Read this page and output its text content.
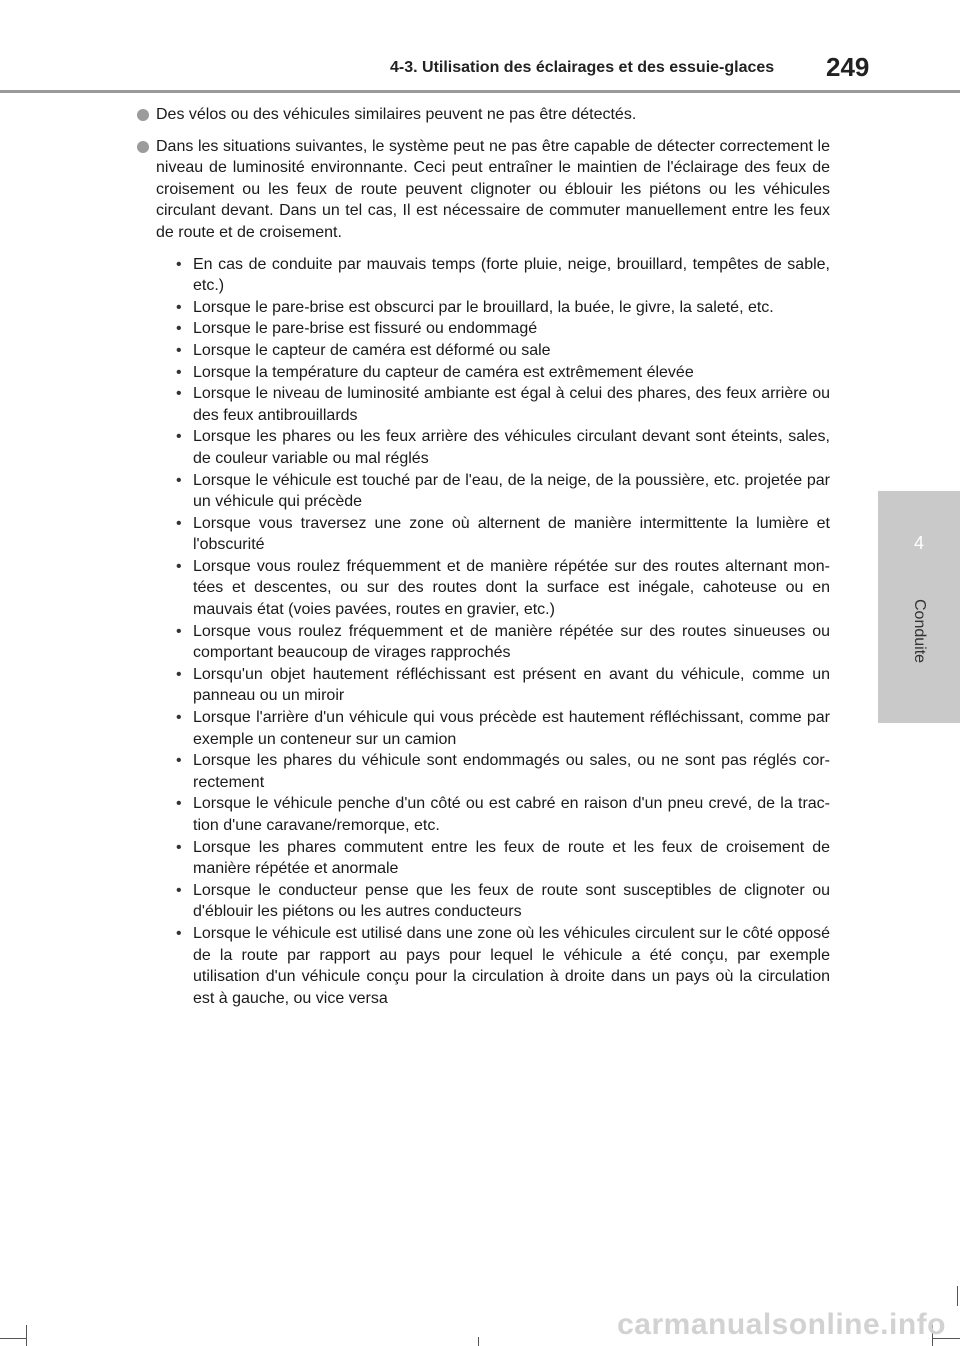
4-3. Utilisation des éclairages et des essuie-glaces 249
4
Conduite
Des vélos ou des véhicules similaires peuvent ne pas être détectés.
Dans les situations suivantes, le système peut ne pas être capable de détecter correctement le niveau de luminosité environnante. Ceci peut entraîner le maintien de l'éclairage des feux de croisement ou les feux de route peuvent clignoter ou éblouir les piétons ou les véhicules circulant devant. Dans un tel cas, Il est nécessaire de commuter manuellement entre les feux de route et de croisement.
• En cas de conduite par mauvais temps (forte pluie, neige, brouillard, tempêtes de sable, etc.)
• Lorsque le pare-brise est obscurci par le brouillard, la buée, le givre, la saleté, etc.
• Lorsque le pare-brise est fissuré ou endommagé
• Lorsque le capteur de caméra est déformé ou sale
• Lorsque la température du capteur de caméra est extrêmement élevée
• Lorsque le niveau de luminosité ambiante est égal à celui des phares, des feux arrière ou des feux antibrouillards
• Lorsque les phares ou les feux arrière des véhicules circulant devant sont éteints, sales, de couleur variable ou mal réglés
• Lorsque le véhicule est touché par de l'eau, de la neige, de la poussière, etc. projetée par un véhicule qui précède
• Lorsque vous traversez une zone où alternent de manière intermittente la lumière et l'obscurité
• Lorsque vous roulez fréquemment et de manière répétée sur des routes alternant mon-tées et descentes, ou sur des routes dont la surface est inégale, cahoteuse ou en mauvais état (voies pavées, routes en gravier, etc.)
• Lorsque vous roulez fréquemment et de manière répétée sur des routes sinueuses ou comportant beaucoup de virages rapprochés
• Lorsqu'un objet hautement réfléchissant est présent en avant du véhicule, comme un panneau ou un miroir
• Lorsque l'arrière d'un véhicule qui vous précède est hautement réfléchissant, comme par exemple un conteneur sur un camion
• Lorsque les phares du véhicule sont endommagés ou sales, ou ne sont pas réglés cor-rectement
• Lorsque le véhicule penche d'un côté ou est cabré en raison d'un pneu crevé, de la trac-tion d'une caravane/remorque, etc.
• Lorsque les phares commutent entre les feux de route et les feux de croisement de manière répétée et anormale
• Lorsque le conducteur pense que les feux de route sont susceptibles de clignoter ou d'éblouir les piétons ou les autres conducteurs
• Lorsque le véhicule est utilisé dans une zone où les véhicules circulent sur le côté opposé de la route par rapport au pays pour lequel le véhicule a été conçu, par exemple utilisation d'un véhicule conçu pour la circulation à droite dans un pays où la circulation est à gauche, ou vice versa
carmanualsonline.info
